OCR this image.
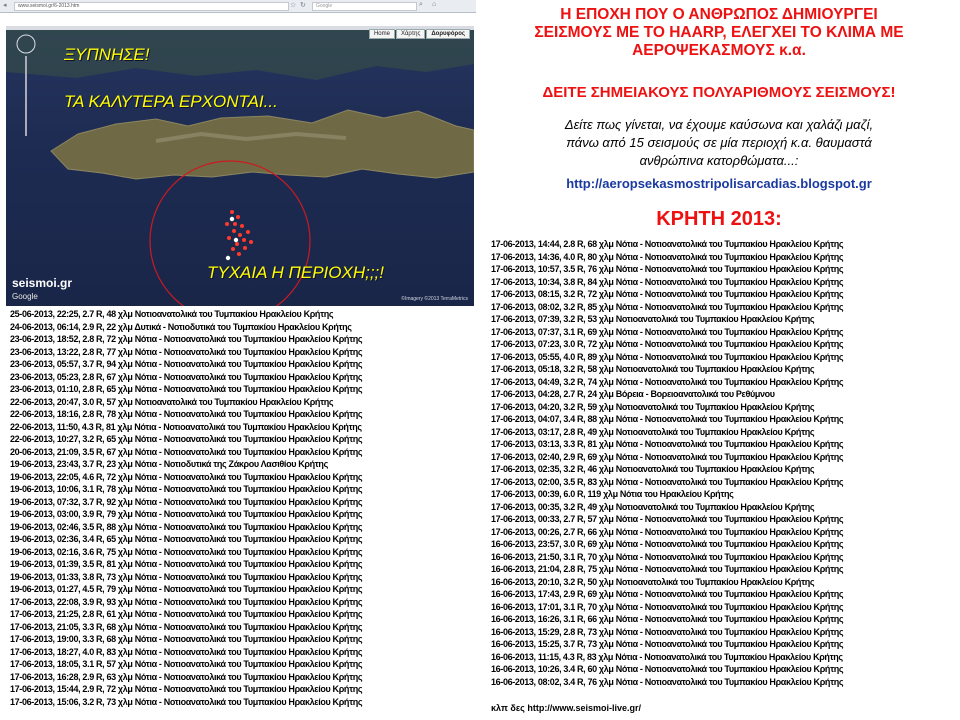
◂	www.seismoi.gr/6-2013.htm	☆ ↻	Google	⌕ ⌂
Home	Χάρτης	Δορυφόρος
ΞΥΠΝΗΣΕ!
ΤΑ ΚΑΛΥΤΕΡΑ ΕΡΧΟΝΤΑΙ...
ΤΥΧΑΙΑ Η ΠΕΡΙΟΧΗ;;;!
seismoi.gr
Google	©Imagery ©2013 TerraMetrics
25-06-2013, 22:25, 2.7 R, 48 χλμ Νοτιοανατολικά του Τυμπακίου Ηρακλείου Κρήτης
24-06-2013, 06:14, 2.9 R, 22 χλμ Δυτικά - Νοτιοδυτικά του Τυμπακίου Ηρακλείου Κρήτης
23-06-2013, 18:52, 2.8 R, 72 χλμ Νότια - Νοτιοανατολικά του Τυμπακίου Ηρακλείου Κρήτης
23-06-2013, 13:22, 2.8 R, 77 χλμ Νότια - Νοτιοανατολικά του Τυμπακίου Ηρακλείου Κρήτης
23-06-2013, 05:57, 3.7 R, 94 χλμ Νότια - Νοτιοανατολικά του Τυμπακίου Ηρακλείου Κρήτης
23-06-2013, 05:23, 2.8 R, 67 χλμ Νότια - Νοτιοανατολικά του Τυμπακίου Ηρακλείου Κρήτης
23-06-2013, 01:10, 2.8 R, 65 χλμ Νότια - Νοτιοανατολικά του Τυμπακίου Ηρακλείου Κρήτης
22-06-2013, 20:47, 3.0 R, 57 χλμ Νοτιοανατολικά του Τυμπακίου Ηρακλείου Κρήτης
22-06-2013, 18:16, 2.8 R, 78 χλμ Νότια - Νοτιοανατολικά του Τυμπακίου Ηρακλείου Κρήτης
22-06-2013, 11:50, 4.3 R, 81 χλμ Νότια - Νοτιοανατολικά του Τυμπακίου Ηρακλείου Κρήτης
22-06-2013, 10:27, 3.2 R, 65 χλμ Νότια - Νοτιοανατολικά του Τυμπακίου Ηρακλείου Κρήτης
20-06-2013, 21:09, 3.5 R, 67 χλμ Νότια - Νοτιοανατολικά του Τυμπακίου Ηρακλείου Κρήτης
19-06-2013, 23:43, 3.7 R, 23 χλμ Νότια - Νοτιοδυτικά της Ζάκρου Λασιθίου Κρήτης
19-06-2013, 22:05, 4.6 R, 72 χλμ Νότια - Νοτιοανατολικά του Τυμπακίου Ηρακλείου Κρήτης
19-06-2013, 10:06, 3.1 R, 78 χλμ Νότια - Νοτιοανατολικά του Τυμπακίου Ηρακλείου Κρήτης
19-06-2013, 07:32, 3.7 R, 92 χλμ Νότια - Νοτιοανατολικά του Τυμπακίου Ηρακλείου Κρήτης
19-06-2013, 03:00, 3.9 R, 79 χλμ Νότια - Νοτιοανατολικά του Τυμπακίου Ηρακλείου Κρήτης
19-06-2013, 02:46, 3.5 R, 88 χλμ Νότια - Νοτιοανατολικά του Τυμπακίου Ηρακλείου Κρήτης
19-06-2013, 02:36, 3.4 R, 65 χλμ Νότια - Νοτιοανατολικά του Τυμπακίου Ηρακλείου Κρήτης
19-06-2013, 02:16, 3.6 R, 75 χλμ Νότια - Νοτιοανατολικά του Τυμπακίου Ηρακλείου Κρήτης
19-06-2013, 01:39, 3.5 R, 81 χλμ Νότια - Νοτιοανατολικά του Τυμπακίου Ηρακλείου Κρήτης
19-06-2013, 01:33, 3.8 R, 73 χλμ Νότια - Νοτιοανατολικά του Τυμπακίου Ηρακλείου Κρήτης
19-06-2013, 01:27, 4.5 R, 79 χλμ Νότια - Νοτιοανατολικά του Τυμπακίου Ηρακλείου Κρήτης
17-06-2013, 22:08, 3.9 R, 93 χλμ Νότια - Νοτιοανατολικά του Τυμπακίου Ηρακλείου Κρήτης
17-06-2013, 21:25, 2.8 R, 61 χλμ Νότια - Νοτιοανατολικά του Τυμπακίου Ηρακλείου Κρήτης
17-06-2013, 21:05, 3.3 R, 68 χλμ Νότια - Νοτιοανατολικά του Τυμπακίου Ηρακλείου Κρήτης
17-06-2013, 19:00, 3.3 R, 68 χλμ Νότια - Νοτιοανατολικά του Τυμπακίου Ηρακλείου Κρήτης
17-06-2013, 18:27, 4.0 R, 83 χλμ Νότια - Νοτιοανατολικά του Τυμπακίου Ηρακλείου Κρήτης
17-06-2013, 18:05, 3.1 R, 57 χλμ Νότια - Νοτιοανατολικά του Τυμπακίου Ηρακλείου Κρήτης
17-06-2013, 16:28, 2.9 R, 63 χλμ Νότια - Νοτιοανατολικά του Τυμπακίου Ηρακλείου Κρήτης
17-06-2013, 15:44, 2.9 R, 72 χλμ Νότια - Νοτιοανατολικά του Τυμπακίου Ηρακλείου Κρήτης
17-06-2013, 15:06, 3.2 R, 73 χλμ Νότια - Νοτιοανατολικά του Τυμπακίου Ηρακλείου Κρήτης
Η ΕΠΟΧΗ ΠΟΥ Ο ΑΝΘΡΩΠΟΣ ΔΗΜΙΟΥΡΓΕΙ
ΣΕΙΣΜΟΥΣ ΜΕ ΤΟ HAARP, ΕΛΕΓΧΕΙ ΤΟ ΚΛΙΜΑ ΜΕ
ΑΕΡΟΨΕΚΑΣΜΟΥΣ κ.α.
ΔΕΙΤΕ ΣΗΜΕΙΑΚΟΥΣ ΠΟΛΥΑΡΙΘΜΟΥΣ ΣΕΙΣΜΟΥΣ!
Δείτε πως γίνεται, να έχουμε καύσωνα και χαλάζι μαζί,
πάνω από 15 σεισμούς σε μία περιοχή κ.α. θαυμαστά
ανθρώπινα κατορθώματα...:
http://aeropsekasmostripolisarcadias.blogspot.gr
ΚΡΗΤΗ 2013:
17-06-2013, 14:44, 2.8 R, 68 χλμ Νότια - Νοτιοανατολικά του Τυμπακίου Ηρακλείου Κρήτης
17-06-2013, 14:36, 4.0 R, 80 χλμ Νότια - Νοτιοανατολικά του Τυμπακίου Ηρακλείου Κρήτης
17-06-2013, 10:57, 3.5 R, 76 χλμ Νότια - Νοτιοανατολικά του Τυμπακίου Ηρακλείου Κρήτης
17-06-2013, 10:34, 3.8 R, 84 χλμ Νότια - Νοτιοανατολικά του Τυμπακίου Ηρακλείου Κρήτης
17-06-2013, 08:15, 3.2 R, 72 χλμ Νότια - Νοτιοανατολικά του Τυμπακίου Ηρακλείου Κρήτης
17-06-2013, 08:02, 3.2 R, 85 χλμ Νότια - Νοτιοανατολικά του Τυμπακίου Ηρακλείου Κρήτης
17-06-2013, 07:39, 3.2 R, 53 χλμ Νοτιοανατολικά του Τυμπακίου Ηρακλείου Κρήτης
17-06-2013, 07:37, 3.1 R, 69 χλμ Νότια - Νοτιοανατολικά του Τυμπακίου Ηρακλείου Κρήτης
17-06-2013, 07:23, 3.0 R, 72 χλμ Νότια - Νοτιοανατολικά του Τυμπακίου Ηρακλείου Κρήτης
17-06-2013, 05:55, 4.0 R, 89 χλμ Νότια - Νοτιοανατολικά του Τυμπακίου Ηρακλείου Κρήτης
17-06-2013, 05:18, 3.2 R, 58 χλμ Νοτιοανατολικά του Τυμπακίου Ηρακλείου Κρήτης
17-06-2013, 04:49, 3.2 R, 74 χλμ Νότια - Νοτιοανατολικά του Τυμπακίου Ηρακλείου Κρήτης
17-06-2013, 04:28, 2.7 R, 24 χλμ Βόρεια - Βορειοανατολικά του Ρεθύμνου
17-06-2013, 04:20, 3.2 R, 59 χλμ Νοτιοανατολικά του Τυμπακίου Ηρακλείου Κρήτης
17-06-2013, 04:07, 3.4 R, 88 χλμ Νότια - Νοτιοανατολικά του Τυμπακίου Ηρακλείου Κρήτης
17-06-2013, 03:17, 2.8 R, 49 χλμ Νοτιοανατολικά του Τυμπακίου Ηρακλείου Κρήτης
17-06-2013, 03:13, 3.3 R, 81 χλμ Νότια - Νοτιοανατολικά του Τυμπακίου Ηρακλείου Κρήτης
17-06-2013, 02:40, 2.9 R, 69 χλμ Νότια - Νοτιοανατολικά του Τυμπακίου Ηρακλείου Κρήτης
17-06-2013, 02:35, 3.2 R, 46 χλμ Νοτιοανατολικά του Τυμπακίου Ηρακλείου Κρήτης
17-06-2013, 02:00, 3.5 R, 83 χλμ Νότια - Νοτιοανατολικά του Τυμπακίου Ηρακλείου Κρήτης
17-06-2013, 00:39, 6.0 R, 119 χλμ Νότια του Ηρακλείου Κρήτης
17-06-2013, 00:35, 3.2 R, 49 χλμ Νοτιοανατολικά του Τυμπακίου Ηρακλείου Κρήτης
17-06-2013, 00:33, 2.7 R, 57 χλμ Νότια - Νοτιοανατολικά του Τυμπακίου Ηρακλείου Κρήτης
17-06-2013, 00:26, 2.7 R, 66 χλμ Νότια - Νοτιοανατολικά του Τυμπακίου Ηρακλείου Κρήτης
16-06-2013, 23:57, 3.0 R, 69 χλμ Νότια - Νοτιοανατολικά του Τυμπακίου Ηρακλείου Κρήτης
16-06-2013, 21:50, 3.1 R, 70 χλμ Νότια - Νοτιοανατολικά του Τυμπακίου Ηρακλείου Κρήτης
16-06-2013, 21:04, 2.8 R, 75 χλμ Νότια - Νοτιοανατολικά του Τυμπακίου Ηρακλείου Κρήτης
16-06-2013, 20:10, 3.2 R, 50 χλμ Νοτιοανατολικά του Τυμπακίου Ηρακλείου Κρήτης
16-06-2013, 17:43, 2.9 R, 69 χλμ Νότια - Νοτιοανατολικά του Τυμπακίου Ηρακλείου Κρήτης
16-06-2013, 17:01, 3.1 R, 70 χλμ Νότια - Νοτιοανατολικά του Τυμπακίου Ηρακλείου Κρήτης
16-06-2013, 16:26, 3.1 R, 66 χλμ Νότια - Νοτιοανατολικά του Τυμπακίου Ηρακλείου Κρήτης
16-06-2013, 15:29, 2.8 R, 73 χλμ Νότια - Νοτιοανατολικά του Τυμπακίου Ηρακλείου Κρήτης
16-06-2013, 15:25, 3.7 R, 73 χλμ Νότια - Νοτιοανατολικά του Τυμπακίου Ηρακλείου Κρήτης
16-06-2013, 11:15, 4.3 R, 83 χλμ Νότια - Νοτιοανατολικά του Τυμπακίου Ηρακλείου Κρήτης
16-06-2013, 10:26, 3.4 R, 60 χλμ Νότια - Νοτιοανατολικά του Τυμπακίου Ηρακλείου Κρήτης
16-06-2013, 08:02, 3.4 R, 76 χλμ Νότια - Νοτιοανατολικά του Τυμπακίου Ηρακλείου Κρήτης
κλπ δες http://www.seismoi-live.gr/
